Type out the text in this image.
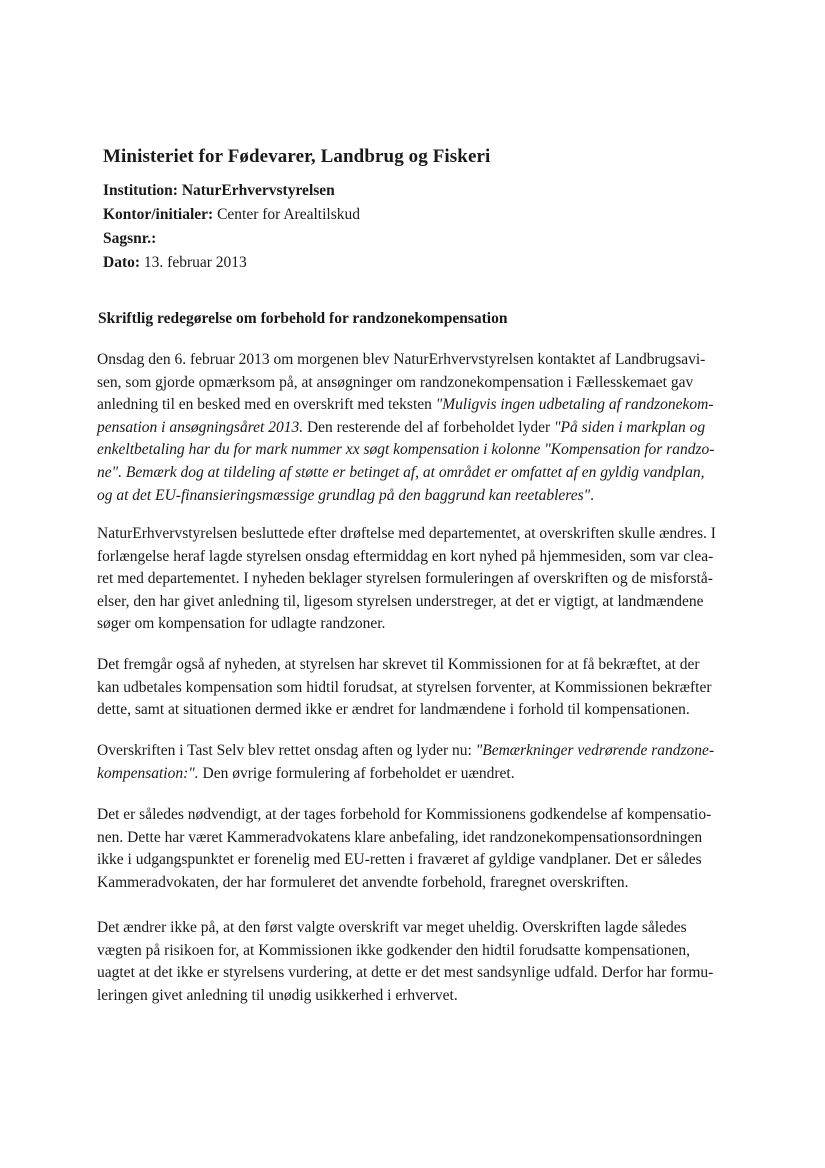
Ministeriet for Fødevarer, Landbrug og Fiskeri
Institution: NaturErhvervstyrelsen
Kontor/initialer: Center for Arealtilskud
Sagsnr.:
Dato: 13. februar 2013
Skriftlig redegørelse om forbehold for randzonekompensation
Onsdag den 6. februar 2013 om morgenen blev NaturErhvervstyrelsen kontaktet af Landbrugsavi-
sen, som gjorde opmærksom på, at ansøgninger om randzonekompensation i Fællesskemaet gav
anledning til en besked med en overskrift med teksten "Muligvis ingen udbetaling af randzonekom-
pensation i ansøgningsåret 2013. Den resterende del af forbeholdet lyder "På siden i markplan og
enkeltbetaling har du for mark nummer xx søgt kompensation i kolonne "Kompensation for randzo-
ne". Bemærk dog at tildeling af støtte er betinget af, at området er omfattet af en gyldig vandplan,
og at det EU-finansieringsmæssige grundlag på den baggrund kan reetableres".
NaturErhvervstyrelsen besluttede efter drøftelse med departementet, at overskriften skulle ændres. I
forlængelse heraf lagde styrelsen onsdag eftermiddag en kort nyhed på hjemmesiden, som var clea-
ret med departementet. I nyheden beklager styrelsen formuleringen af overskriften og de misforstå-
elser, den har givet anledning til, ligesom styrelsen understreger, at det er vigtigt, at landmændene
søger om kompensation for udlagte randzoner.
Det fremgår også af nyheden, at styrelsen har skrevet til Kommissionen for at få bekræftet, at der
kan udbetales kompensation som hidtil forudsat, at styrelsen forventer, at Kommissionen bekræfter
dette, samt at situationen dermed ikke er ændret for landmændene i forhold til kompensationen.
Overskriften i Tast Selv blev rettet onsdag aften og lyder nu: "Bemærkninger vedrørende randzone-
kompensation:". Den øvrige formulering af forbeholdet er uændret.
Det er således nødvendigt, at der tages forbehold for Kommissionens godkendelse af kompensatio-
nen. Dette har været Kammeradvokatens klare anbefaling, idet randzonekompensationsordningen
ikke i udgangspunktet er forenelig med EU-retten i fraværet af gyldige vandplaner. Det er således
Kammeradvokaten, der har formuleret det anvendte forbehold, fraregnet overskriften.
Det ændrer ikke på, at den først valgte overskrift var meget uheldig. Overskriften lagde således
vægten på risikoen for, at Kommissionen ikke godkender den hidtil forudsatte kompensationen,
uagtet at det ikke er styrelsens vurdering, at dette er det mest sandsynlige udfald. Derfor har formu-
leringen givet anledning til unødig usikkerhed i erhvervet.
